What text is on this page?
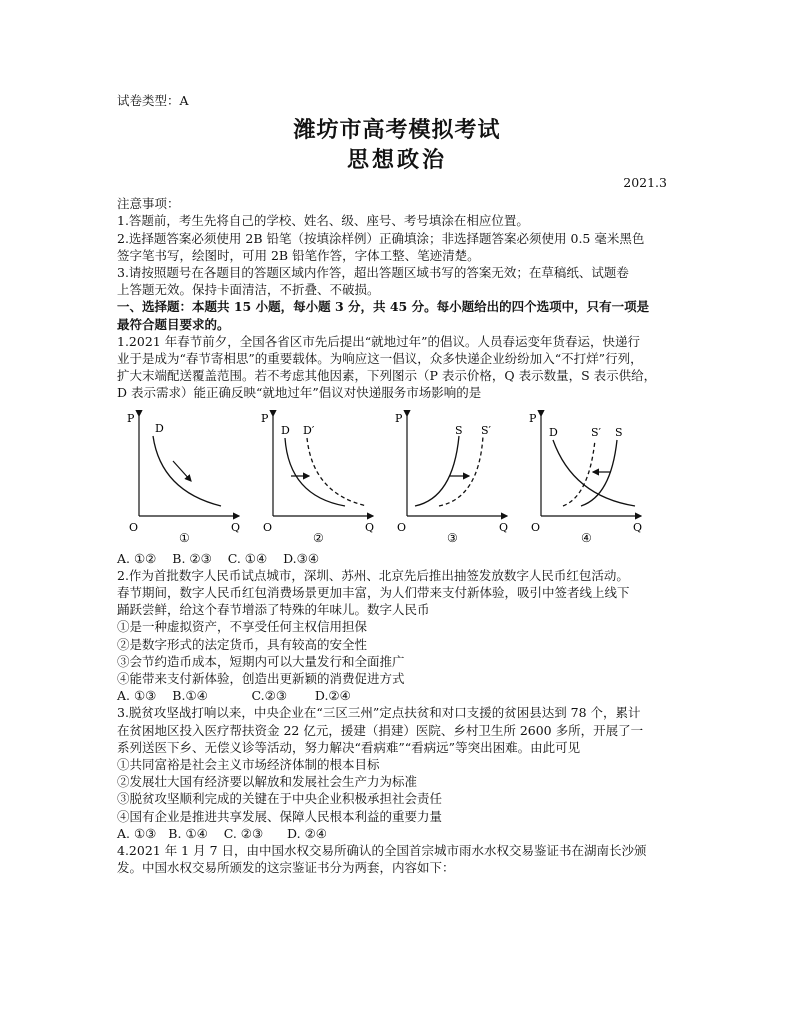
试卷类型：A
潍坊市高考模拟考试
思想政治
2021.3
注意事项：
1.答题前，考生先将自己的学校、姓名、级、座号、考号填涂在相应位置。
2.选择题答案必须使用 2B 铅笔（按填涂样例）正确填涂；非选择题答案必须使用 0.5 毫米黑色
签字笔书写，绘图时，可用 2B 铅笔作答，字体工整、笔迹清楚。
3.请按照题号在各题目的答题区域内作答，超出答题区域书写的答案无效；在草稿纸、试题卷
上答题无效。保持卡面清洁，不折叠、不破损。
一、选择题：本题共 15 小题，每小题 3 分，共 45 分。每小题给出的四个选项中，只有一项是
最符合题目要求的。
1.2021 年春节前夕，全国各省区市先后提出“就地过年”的倡议。人员春运变年货春运，快递行
业于是成为“春节寄相思”的重要载体。为响应这一倡议，众多快递企业纷纷加入“不打烊”行列，
扩大末端配送覆盖范围。若不考虑其他因素，下列图示（P 表示价格，Q 表示数量，S 表示供给，
D 表示需求）能正确反映“就地过年”倡议对快递服务市场影响的是
P
Q
O
D
①
P
Q
O
D D′
②
P
Q
O
S S′
③
P
Q
O
D	S′ S
④
A. ①②    B. ②③    C. ①④    D.③④
2.作为首批数字人民币试点城市，深圳、苏州、北京先后推出抽签发放数字人民币红包活动。
春节期间，数字人民币红包消费场景更加丰富，为人们带来支付新体验，吸引中签者线上线下
踊跃尝鲜，给这个春节增添了特殊的年味儿。数字人民币
①是一种虚拟资产，不享受任何主权信用担保
②是数字形式的法定货币，具有较高的安全性
③会节约造币成本，短期内可以大量发行和全面推广
④能带来支付新体验，创造出更新颖的消费促进方式
A. ①③    B.①④           C.②③       D.②④
3.脱贫攻坚战打响以来，中央企业在“三区三州”定点扶贫和对口支援的贫困县达到 78 个，累计
在贫困地区投入医疗帮扶资金 22 亿元，援建（捐建）医院、乡村卫生所 2600 多所，开展了一
系列送医下乡、无偿义诊等活动，努力解决“看病难”“看病远”等突出困难。由此可见
①共同富裕是社会主义市场经济体制的根本目标
②发展壮大国有经济要以解放和发展社会生产力为标准
③脱贫攻坚顺利完成的关键在于中央企业积极承担社会责任
④国有企业是推进共享发展、保障人民根本利益的重要力量
A. ①③   B. ①④    C. ②③      D. ②④
4.2021 年 1 月 7 日，由中国水权交易所确认的全国首宗城市雨水水权交易鉴证书在湖南长沙颁
发。中国水权交易所颁发的这宗鉴证书分为两套，内容如下：
